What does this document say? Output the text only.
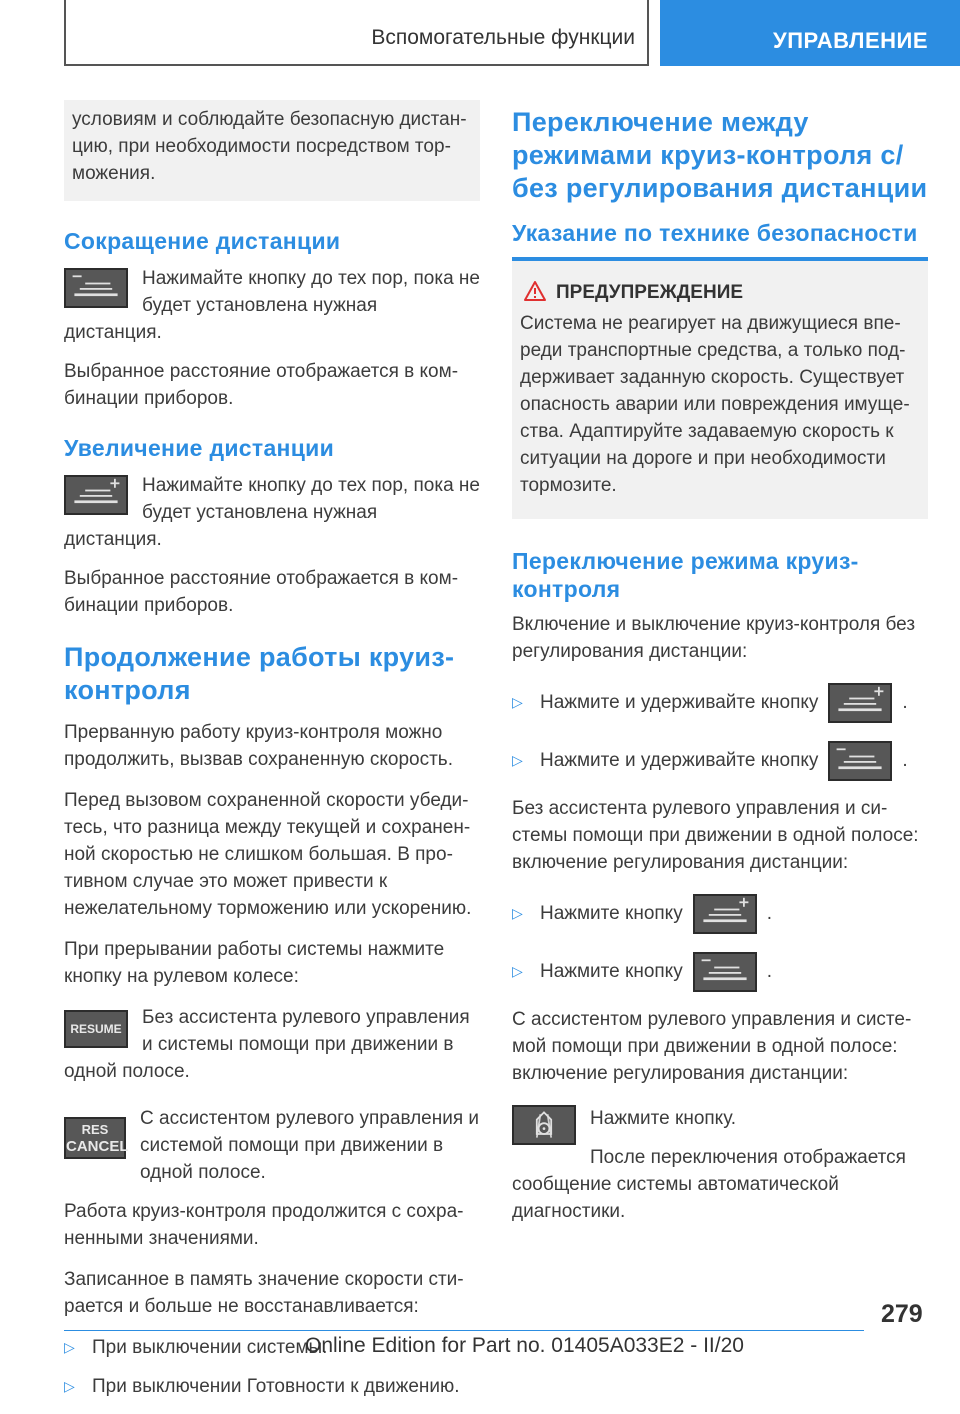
Вспомогательные функции	УПРАВЛЕНИЕ

условиям и соблюдайте безопасную дистанцию, при необходимости посредством торможения.

Сокращение дистанции

Нажимайте кнопку до тех пор, пока не будет установлена нужная дистанция.

Выбранное расстояние отображается в комбинации приборов.

Увеличение дистанции

Нажимайте кнопку до тех пор, пока не будет установлена нужная дистанция.

Выбранное расстояние отображается в комбинации приборов.

Продолжение работы круиз-контроля

Прерванную работу круиз-контроля можно продолжить, вызвав сохраненную скорость.

Перед вызовом сохраненной скорости убедитесь, что разница между текущей и сохраненной скоростью не слишком большая. В противном случае это может привести к нежелательному торможению или ускорению.

При прерывании работы системы нажмите кнопку на рулевом колесе:

RESUME

Без ассистента рулевого управления и системы помощи при движении в одной полосе.

RES
CANCEL

С ассистентом рулевого управления и системой помощи при движении в одной полосе.

Работа круиз-контроля продолжится с сохраненными значениями.

Записанное в память значение скорости стирается и больше не восстанавливается:

▷ При выключении системы.
▷ При выключении Готовности к движению.
Переключение между режимами круиз-контроля с/без регулирования дистанции
Указание по технике безопасности
ПРЕДУПРЕЖДЕНИЕ

Система не реагирует на движущиеся впереди транспортные средства, а только поддерживает заданную скорость. Существует опасность аварии или повреждения имущества. Адаптируйте задаваемую скорость к ситуации на дороге и при необходимости тормозите.

Переключение режима круиз-контроля

Включение и выключение круиз-контроля без регулирования дистанции:

▷ Нажмите и удерживайте кнопку	.
▷ Нажмите и удерживайте кнопку	.

Без ассистента рулевого управления и системы помощи при движении в одной полосе: включение регулирования дистанции:

▷ Нажмите кнопку	.
▷ Нажмите кнопку	.

С ассистентом рулевого управления и системой помощи при движении в одной полосе: включение регулирования дистанции:

Нажмите кнопку.

После переключения отображается сообщение системы автоматической диагностики.

279
Online Edition for Part no. 01405A033E2 - II/20
